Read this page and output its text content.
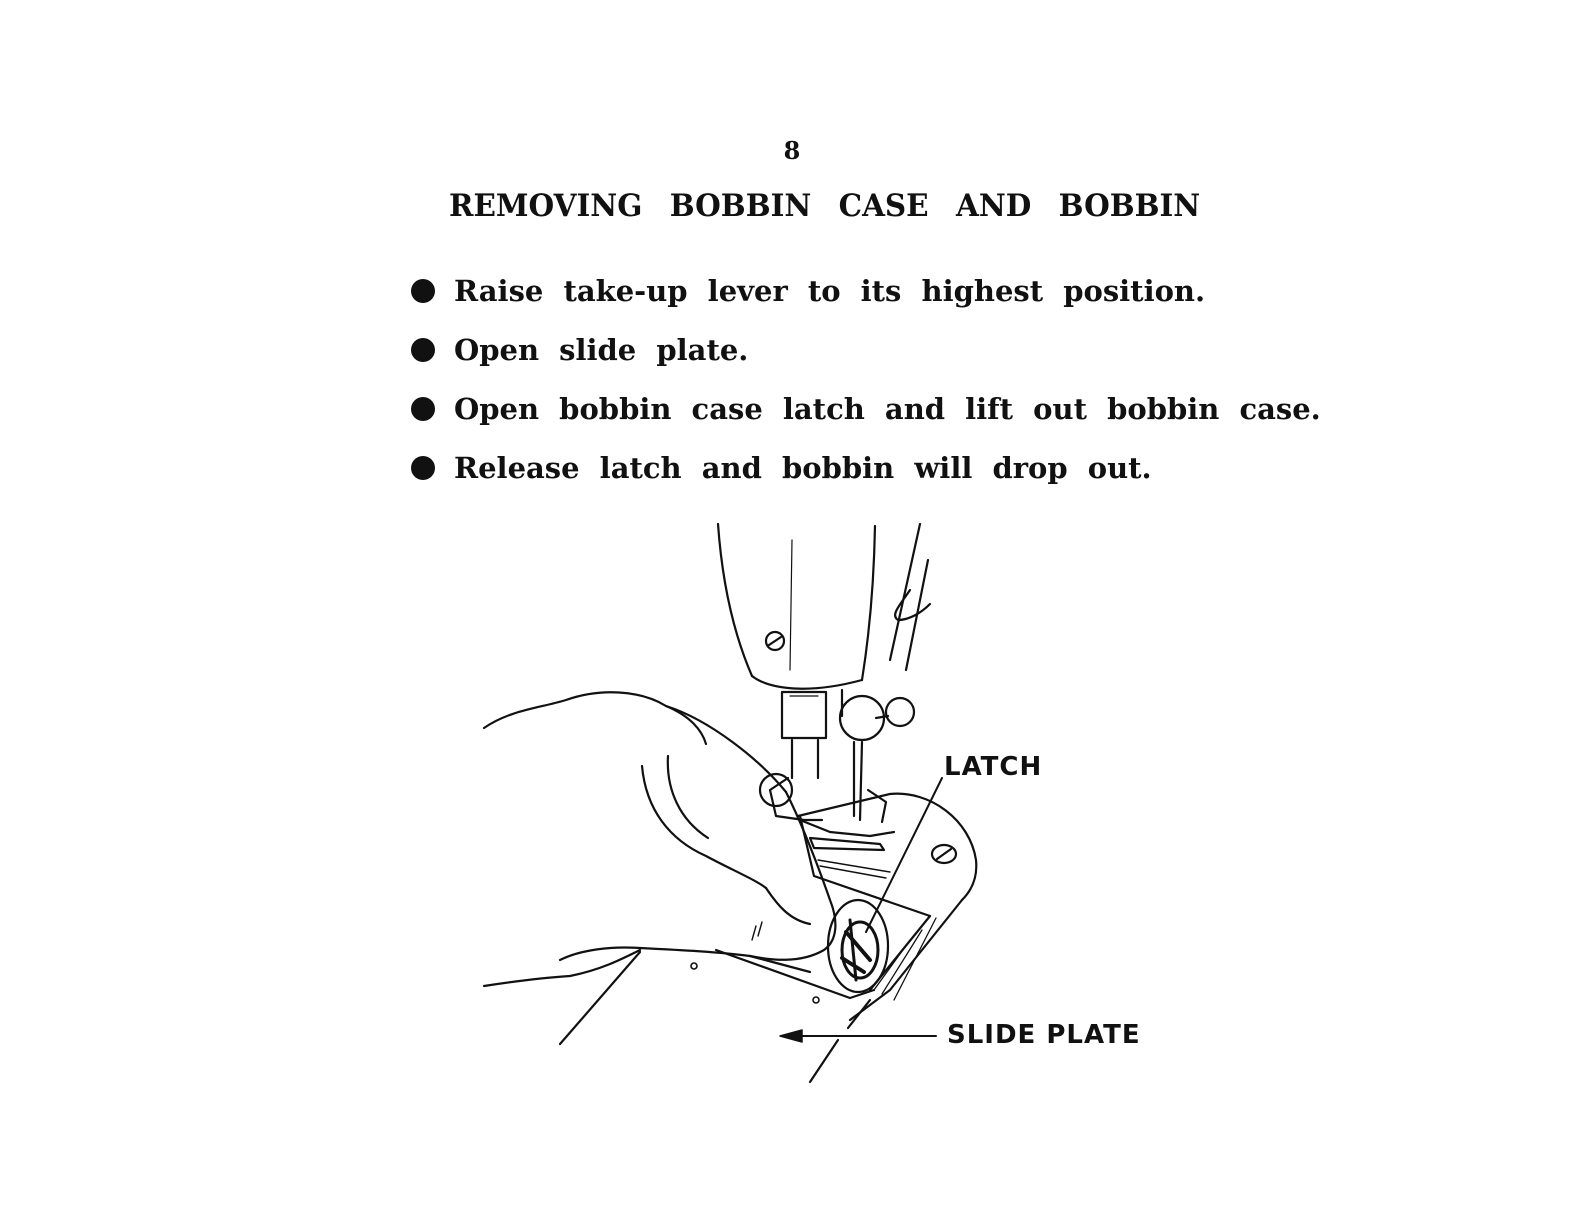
8
REMOVING BOBBIN CASE AND BOBBIN
Raise take-up lever to its highest position.
Open slide plate.
Open bobbin case latch and lift out bobbin case.
Release latch and bobbin will drop out.
LATCH
SLIDE PLATE
